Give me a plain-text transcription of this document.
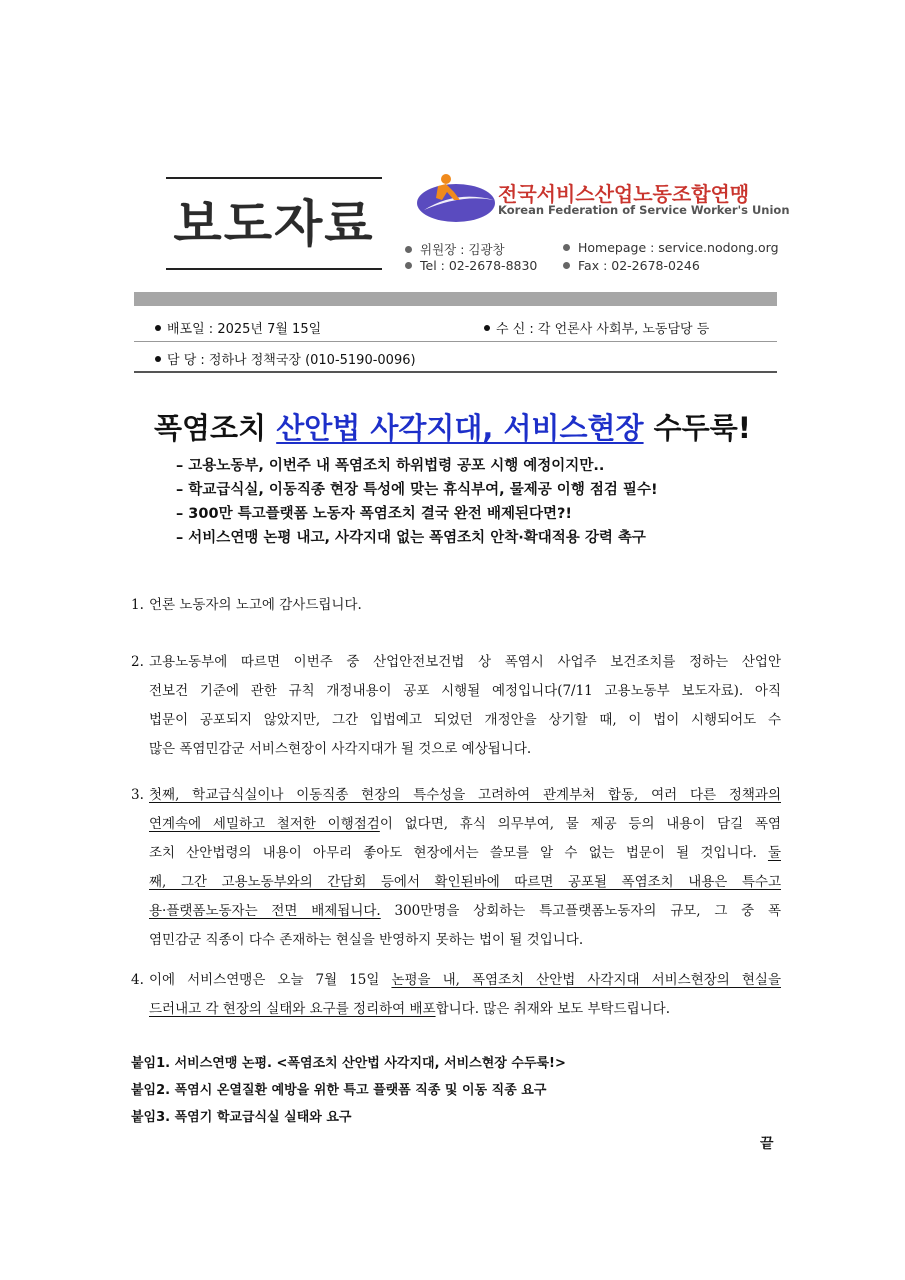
보도자료
전국서비스산업노동조합연맹
Korean Federation of Service Worker's Union
위원장 : 김광창
Tel : 02-2678-8830
Homepage : service.nodong.org
Fax : 02-2678-0246
배포일 : 2025년 7월 15일	수 신 : 각 언론사 사회부, 노동담당 등
담 당 : 정하나 정책국장 (010-5190-0096)
폭염조치 산안법 사각지대, 서비스현장 수두룩!
– 고용노동부, 이번주 내 폭염조치 하위법령 공포 시행 예정이지만..
– 학교급식실, 이동직종 현장 특성에 맞는 휴식부여, 물제공 이행 점검 필수!
– 300만 특고플랫폼 노동자 폭염조치 결국 완전 배제된다면?!
– 서비스연맹 논평 내고, 사각지대 없는 폭염조치 안착·확대적용 강력 촉구
1. 언론 노동자의 노고에 감사드립니다.
2. 고용노동부에 따르면 이번주 중 산업안전보건법 상 폭염시 사업주 보건조치를 정하는 산업안
전보건 기준에 관한 규칙 개정내용이 공포 시행될 예정입니다(7/11 고용노동부 보도자료). 아직
법문이 공포되지 않았지만, 그간 입법예고 되었던 개정안을 상기할 때, 이 법이 시행되어도 수
많은 폭염민감군 서비스현장이 사각지대가 될 것으로 예상됩니다.
3. 첫째, 학교급식실이나 이동직종 현장의 특수성을 고려하여 관계부처 합동, 여러 다른 정책과의
연계속에 세밀하고 철저한 이행점검이 없다면, 휴식 의무부여, 물 제공 등의 내용이 담길 폭염
조치 산안법령의 내용이 아무리 좋아도 현장에서는 쓸모를 알 수 없는 법문이 될 것입니다. 둘
째, 그간 고용노동부와의 간담회 등에서 확인된바에 따르면 공포될 폭염조치 내용은 특수고
용·플랫폼노동자는 전면 배제됩니다. 300만명을 상회하는 특고플랫폼노동자의 규모, 그 중 폭
염민감군 직종이 다수 존재하는 현실을 반영하지 못하는 법이 될 것입니다.
4. 이에 서비스연맹은 오늘 7월 15일 논평을 내, 폭염조치 산안법 사각지대 서비스현장의 현실을
드러내고 각 현장의 실태와 요구를 정리하여 배포합니다. 많은 취재와 보도 부탁드립니다.
붙임1. 서비스연맹 논평. <폭염조치 산안법 사각지대, 서비스현장 수두룩!>
붙임2. 폭염시 온열질환 예방을 위한 특고 플랫폼 직종 및 이동 직종 요구
붙임3. 폭염기 학교급식실 실태와 요구
끝
